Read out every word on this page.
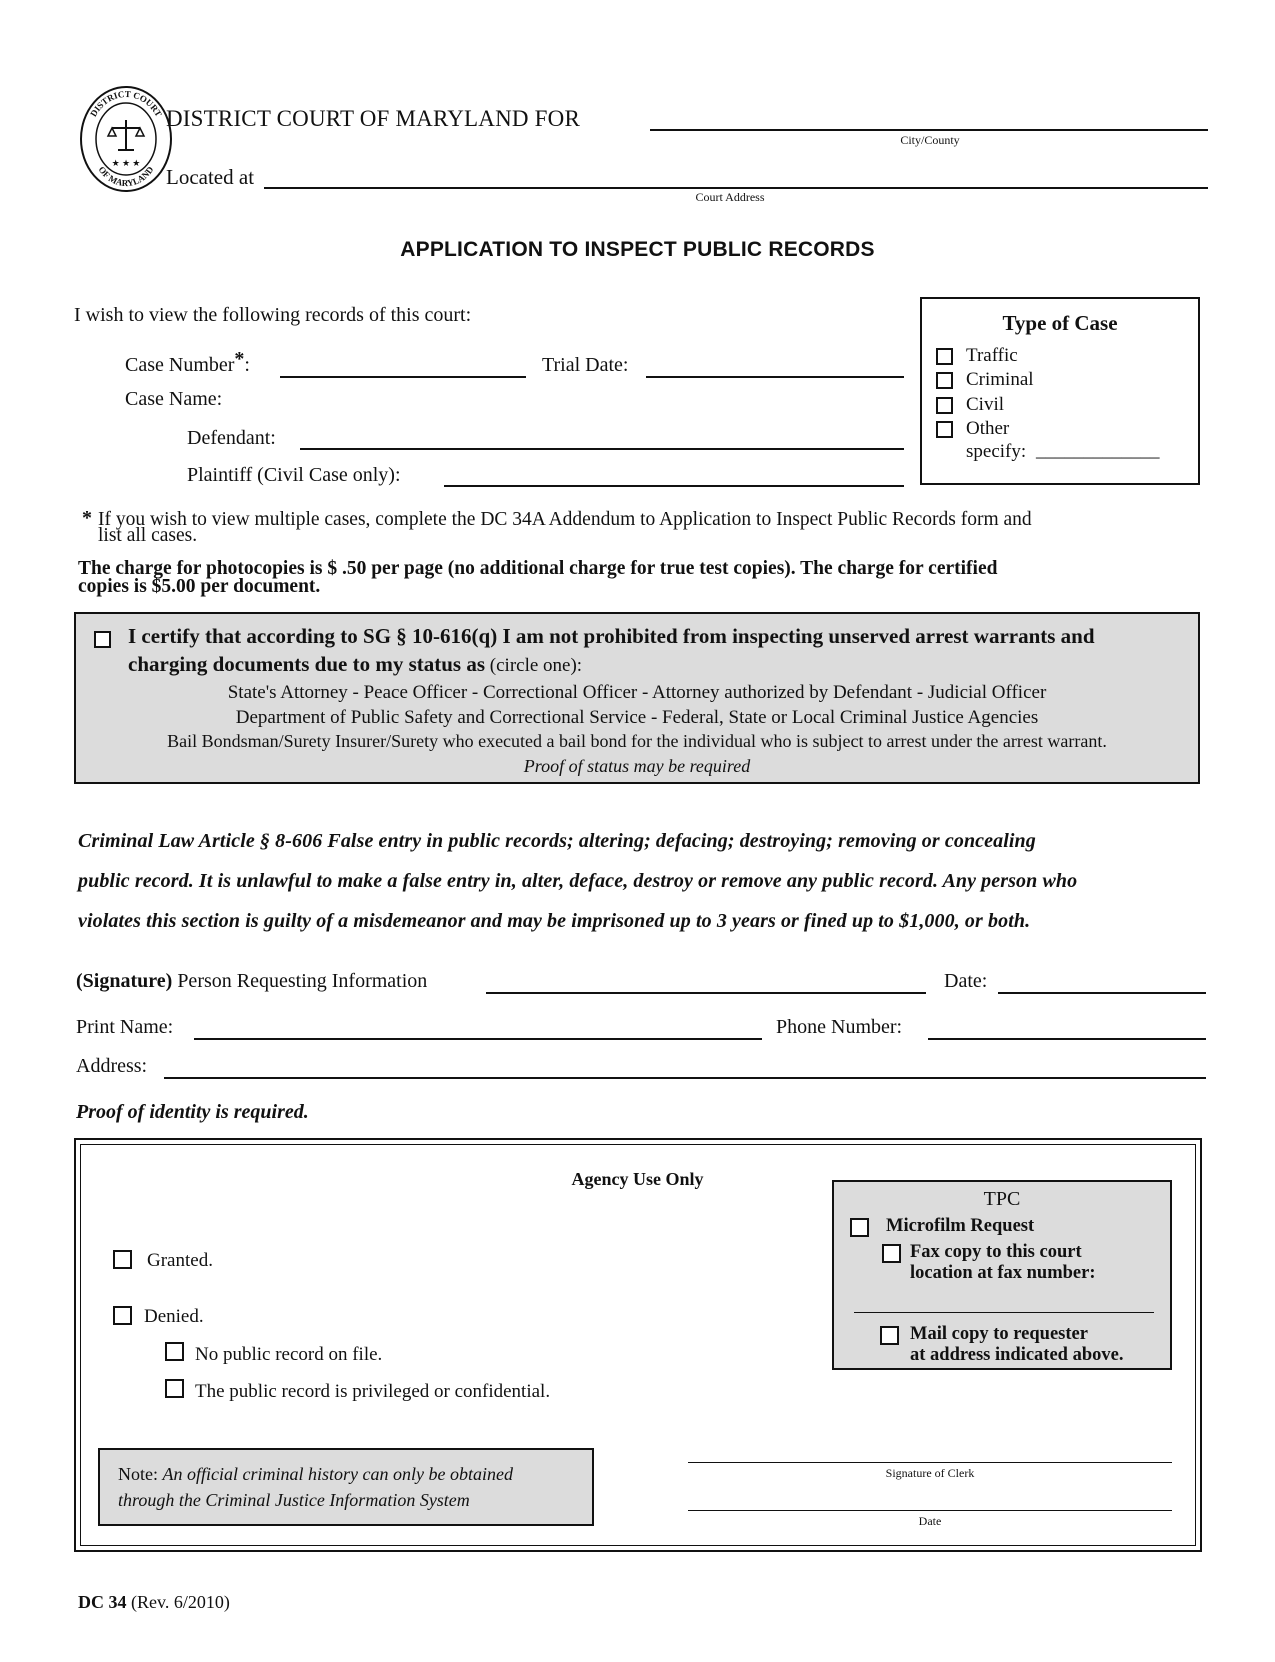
DISTRICT COURT
OF MARYLAND
★ ★ ★
DISTRICT COURT OF MARYLAND FOR
City/County
Located at
Court Address
APPLICATION TO INSPECT PUBLIC RECORDS
I wish to view the following records of this court:
Case Number*:	Trial Date:
Case Name:
Defendant:
Plaintiff (Civil Case only):
Type of Case
Traffic
Criminal
Civil
Other
specify: _____________
* If you wish to view multiple cases, complete the DC 34A Addendum to Application to Inspect Public Records form and
list all cases.
The charge for photocopies is $ .50 per page (no additional charge for true test copies). The charge for certified
copies is $5.00 per document.
I certify that according to SG § 10-616(q) I am not prohibited from inspecting unserved arrest warrants and
charging documents due to my status as (circle one):
State's Attorney - Peace Officer - Correctional Officer - Attorney authorized by Defendant - Judicial Officer
Department of Public Safety and Correctional Service - Federal, State or Local Criminal Justice Agencies
Bail Bondsman/Surety Insurer/Surety who executed a bail bond for the individual who is subject to arrest under the arrest warrant.
Proof of status may be required
Criminal Law Article § 8-606 False entry in public records; altering; defacing; destroying; removing or concealing
public record. It is unlawful to make a false entry in, alter, deface, destroy or remove any public record. Any person who
violates this section is guilty of a misdemeanor and may be imprisoned up to 3 years or fined up to $1,000, or both.
(Signature) Person Requesting Information	Date:
Print Name:	Phone Number:
Address:
Proof of identity is required.
Agency Use Only
Granted.
Denied.
No public record on file.
The public record is privileged or confidential.
Note: An official criminal history can only be obtained
through the Criminal Justice Information System
Signature of Clerk
Date
TPC
Microfilm Request
Fax copy to this court
location at fax number:
Mail copy to requester
at address indicated above.
DC 34 (Rev. 6/2010)
